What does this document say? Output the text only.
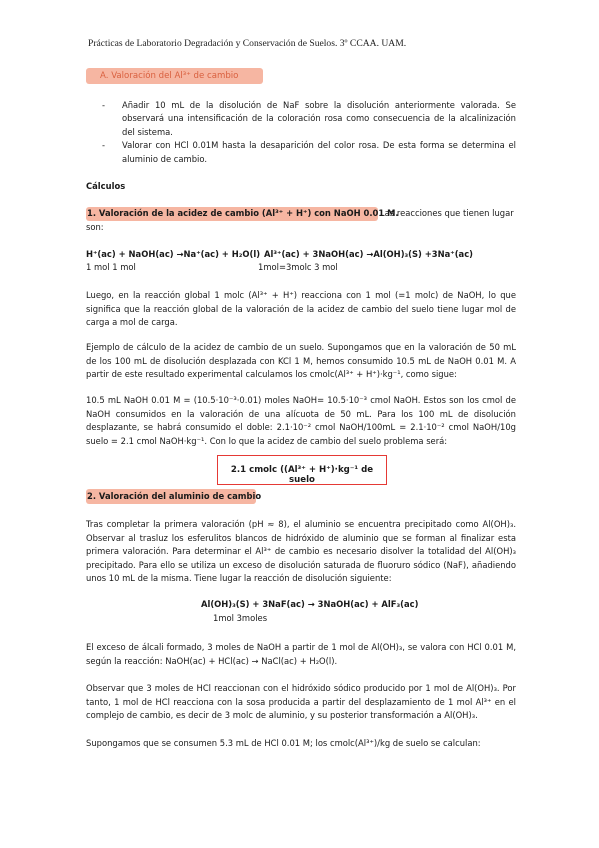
Prácticas de Laboratorio Degradación y Conservación de Suelos. 3º CCAA. UAM.
A. Valoración del Al³⁺ de cambio
- Añadir 10 mL de la disolución de NaF sobre la disolución anteriormente valorada. Se observará una intensificación de la coloración rosa como consecuencia de la alcalinización del sistema.
- Valorar con HCl 0.01M hasta la desaparición del color rosa. De esta forma se determina el aluminio de cambio.
Cálculos
1. Valoración de la acidez de cambio (Al³⁺ + H⁺) con NaOH 0.01 M.
Las reacciones que tienen lugar
son:
H⁺(ac) + NaOH(ac) →Na⁺(ac) + H₂O(l)
1 mol 1 mol
Al³⁺(ac) + 3NaOH(ac) →Al(OH)₃(S) +3Na⁺(ac)
1mol=3molc 3 mol
Luego, en la reacción global 1 molc (Al³⁺ + H⁺) reacciona con 1 mol (=1 molc) de NaOH, lo que significa que la reacción global de la valoración de la acidez de cambio del suelo tiene lugar mol de carga a mol de carga.
Ejemplo de cálculo de la acidez de cambio de un suelo. Supongamos que en la valoración de 50 mL de los 100 mL de disolución desplazada con KCl 1 M, hemos consumido 10.5 mL de NaOH 0.01 M. A partir de este resultado experimental calculamos los cmolc(Al³⁺ + H⁺)·kg⁻¹, como sigue:
10.5 mL NaOH 0.01 M = (10.5·10⁻³·0.01) moles NaOH= 10.5·10⁻³ cmol NaOH. Estos son los cmol de NaOH consumidos en la valoración de una alícuota de 50 mL. Para los 100 mL de disolución desplazante, se habrá consumido el doble: 2.1·10⁻² cmol NaOH/100mL = 2.1·10⁻² cmol NaOH/10g suelo = 2.1 cmol NaOH·kg⁻¹. Con lo que la acidez de cambio del suelo problema será:
2.1 cmolc ((Al³⁺ + H⁺)·kg⁻¹ de suelo
2. Valoración del aluminio de cambio
Tras completar la primera valoración (pH ≈ 8), el aluminio se encuentra precipitado como Al(OH)₃. Observar al trasluz los esferulitos blancos de hidróxido de aluminio que se forman al finalizar esta primera valoración. Para determinar el Al³⁺ de cambio es necesario disolver la totalidad del Al(OH)₃ precipitado. Para ello se utiliza un exceso de disolución saturada de fluoruro sódico (NaF), añadiendo unos 10 mL de la misma. Tiene lugar la reacción de disolución siguiente:
Al(OH)₃(S) + 3NaF(ac) → 3NaOH(ac) + AlF₃(ac)
1mol 3moles
El exceso de álcali formado, 3 moles de NaOH a partir de 1 mol de Al(OH)₃, se valora con HCl 0.01 M, según la reacción: NaOH(ac) + HCl(ac) → NaCl(ac) + H₂O(l).
Observar que 3 moles de HCl reaccionan con el hidróxido sódico producido por 1 mol de Al(OH)₃. Por tanto, 1 mol de HCl reacciona con la sosa producida a partir del desplazamiento de 1 mol Al³⁺ en el complejo de cambio, es decir de 3 molc de aluminio, y su posterior transformación a Al(OH)₃.
Supongamos que se consumen 5.3 mL de HCl 0.01 M; los cmolc(Al³⁺)/kg de suelo se calculan:
